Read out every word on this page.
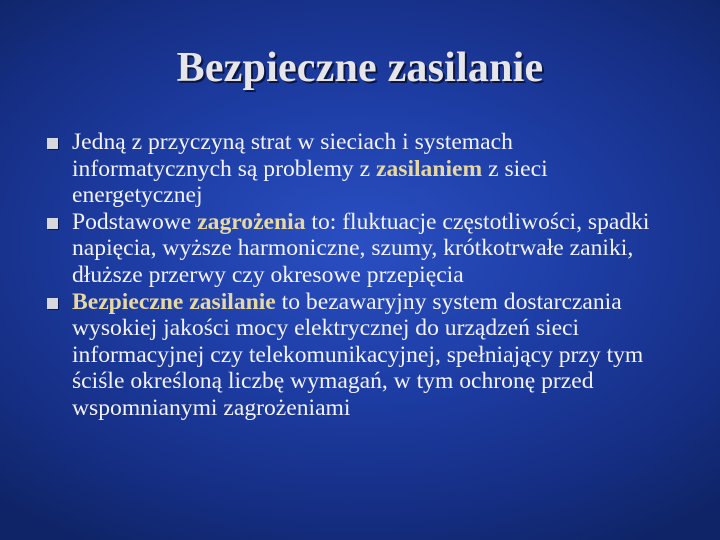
Bezpieczne zasilanie
Jedną z przyczyną strat w sieciach i systemach informatycznych są problemy z zasilaniem z sieci energetycznej
Podstawowe zagrożenia to: fluktuacje częstotliwości, spadki napięcia, wyższe harmoniczne, szumy, krótkotrwałe zaniki, dłuższe przerwy czy okresowe przepięcia
Bezpieczne zasilanie to bezawaryjny system dostarczania wysokiej jakości mocy elektrycznej do urządzeń sieci informacyjnej czy telekomunikacyjnej, spełniający przy tym ściśle określoną liczbę wymagań, w tym ochronę przed wspomnianymi zagrożeniami
